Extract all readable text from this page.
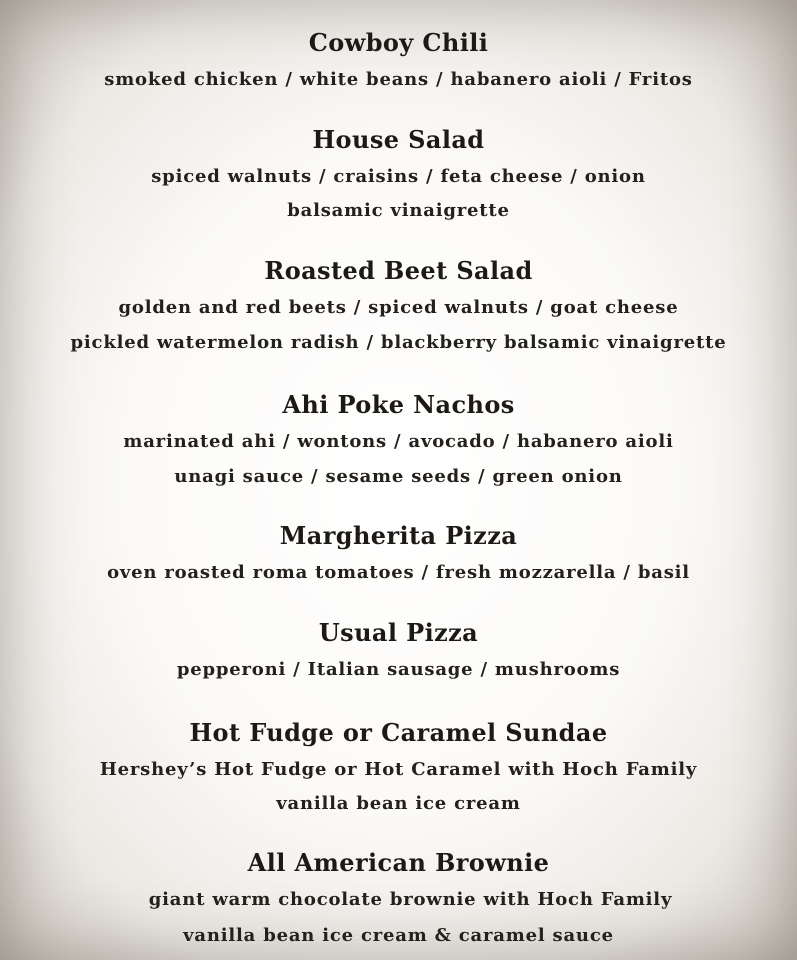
Cowboy Chili
smoked chicken / white beans / habanero aioli / Fritos
House Salad
spiced walnuts / craisins / feta cheese / onion
balsamic vinaigrette
Roasted Beet Salad
golden and red beets / spiced walnuts / goat cheese
pickled watermelon radish / blackberry balsamic vinaigrette
Ahi Poke Nachos
marinated ahi / wontons / avocado / habanero aioli
unagi sauce / sesame seeds / green onion
Margherita Pizza
oven roasted roma tomatoes / fresh mozzarella / basil
Usual Pizza
pepperoni / Italian sausage / mushrooms
Hot Fudge or Caramel Sundae
Hershey’s Hot Fudge or Hot Caramel with Hoch Family
vanilla bean ice cream
All American Brownie
giant warm chocolate brownie with Hoch Family
vanilla bean ice cream & caramel sauce
